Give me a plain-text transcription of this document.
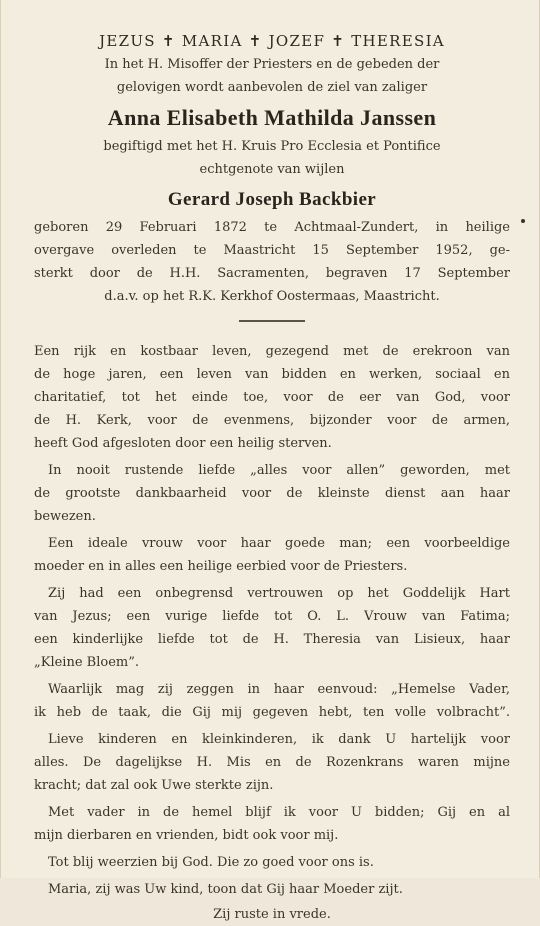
JEZUS ✝ MARIA ✝ JOZEF ✝ THERESIA
In het H. Misoffer der Priesters en de gebeden der
gelovigen wordt aanbevolen de ziel van zaliger
Anna Elisabeth Mathilda Janssen
begiftigd met het H. Kruis Pro Ecclesia et Pontifice
echtgenote van wijlen
Gerard Joseph Backbier
geboren 29 Februari 1872 te Achtmaal-Zundert, in heilige
overgave overleden te Maastricht 15 September 1952, ge-
sterkt door de H.H. Sacramenten, begraven 17 September
d.a.v. op het R.K. Kerkhof Oostermaas, Maastricht.

Een rijk en kostbaar leven, gezegend met de erekroon van
de hoge jaren, een leven van bidden en werken, sociaal en
charitatief, tot het einde toe, voor de eer van God, voor
de H. Kerk, voor de evenmens, bijzonder voor de armen,
heeft God afgesloten door een heilig sterven.

In nooit rustende liefde „alles voor allen” geworden, met
de grootste dankbaarheid voor de kleinste dienst aan haar
bewezen.

Een ideale vrouw voor haar goede man; een voorbeeldige
moeder en in alles een heilige eerbied voor de Priesters.

Zij had een onbegrensd vertrouwen op het Goddelijk Hart
van Jezus; een vurige liefde tot O. L. Vrouw van Fatima;
een kinderlijke liefde tot de H. Theresia van Lisieux, haar
„Kleine Bloem”.

Waarlijk mag zij zeggen in haar eenvoud: „Hemelse Vader,
ik heb de taak, die Gij mij gegeven hebt, ten volle volbracht”.

Lieve kinderen en kleinkinderen, ik dank U hartelijk voor
alles. De dagelijkse H. Mis en de Rozenkrans waren mijne
kracht; dat zal ook Uwe sterkte zijn.

Met vader in de hemel blijf ik voor U bidden; Gij en al
mijn dierbaren en vrienden, bidt ook voor mij.

Tot blij weerzien bij God. Die zo goed voor ons is.

Maria, zij was Uw kind, toon dat Gij haar Moeder zijt.

Zij ruste in vrede.
